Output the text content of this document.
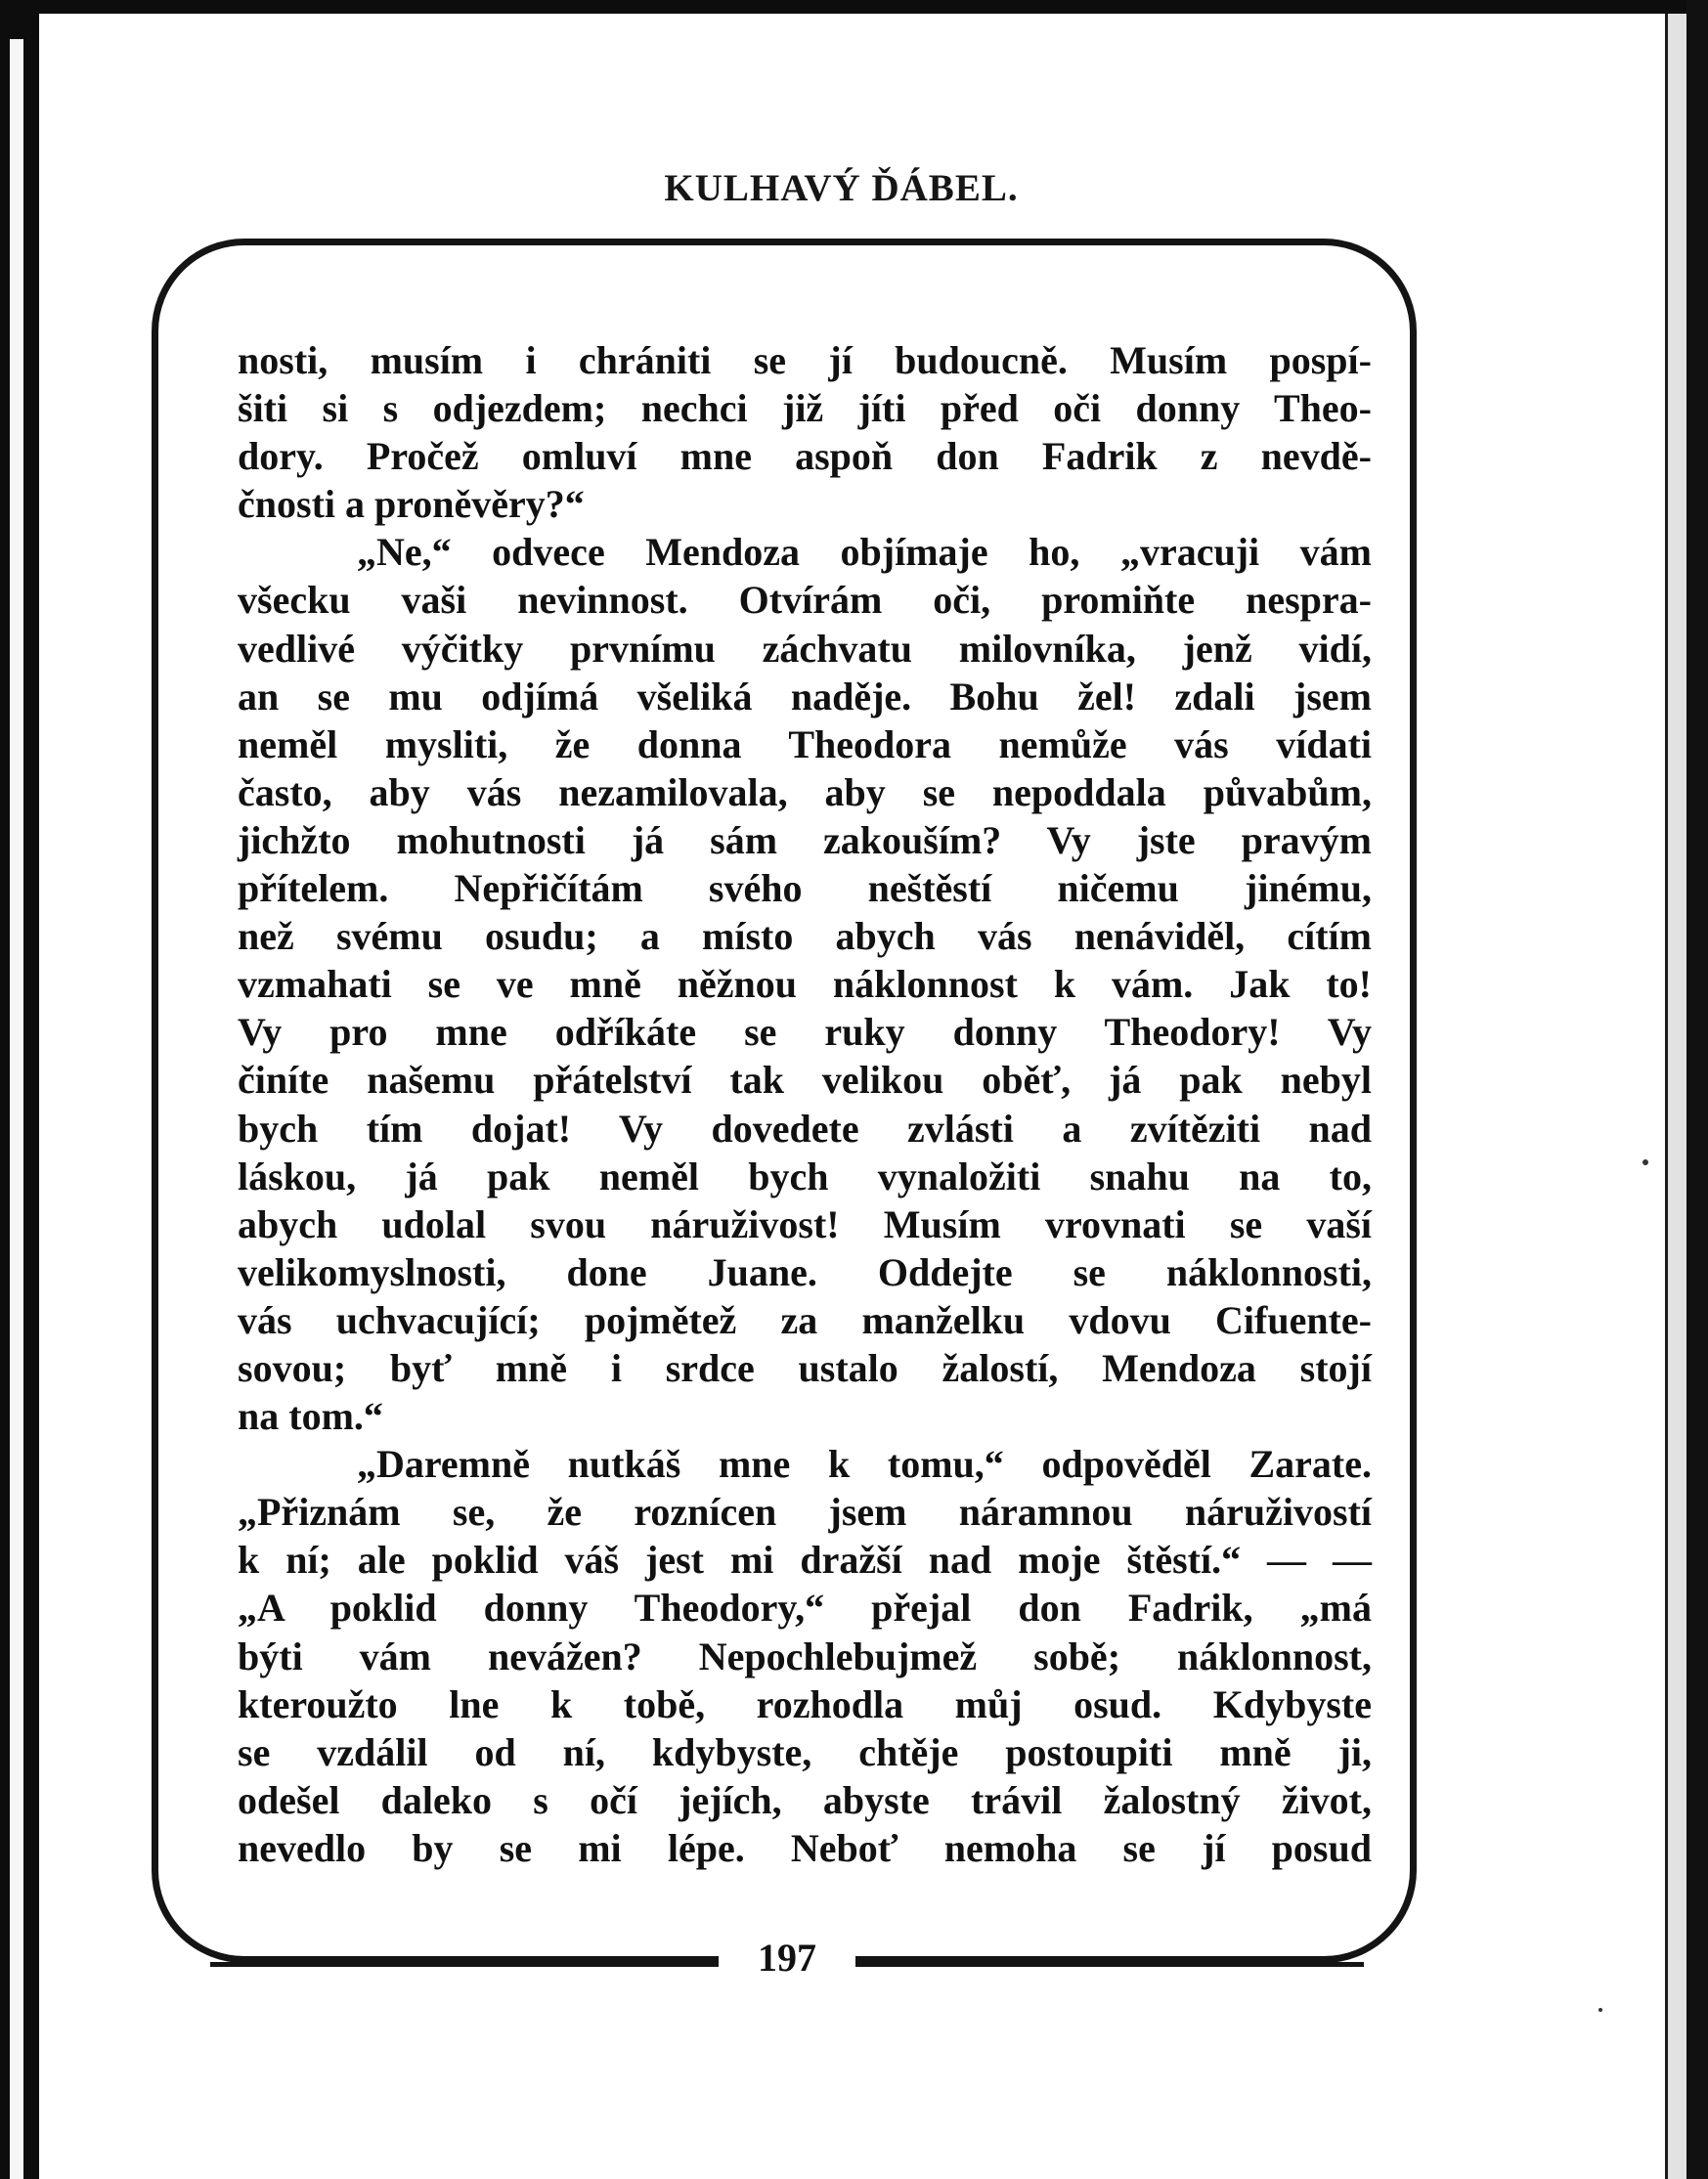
KULHAVÝ ĎÁBEL.
nosti, musím i chrániti se jí budoucně. Musím pospí-
šiti si s odjezdem; nechci již jíti před oči donny Theo-
dory. Pročež omluví mne aspoň don Fadrik z nevdě-
čnosti a proněvěry?“
„Ne,“ odvece Mendoza objímaje ho, „vracuji vám
všecku vaši nevinnost. Otvírám oči, promiňte nespra-
vedlivé výčitky prvnímu záchvatu milovníka, jenž vidí,
an se mu odjímá všeliká naděje. Bohu žel! zdali jsem
neměl mysliti, že donna Theodora nemůže vás vídati
často, aby vás nezamilovala, aby se nepoddala půvabům,
jichžto mohutnosti já sám zakouším? Vy jste pravým
přítelem. Nepřičítám svého neštěstí ničemu jinému,
než svému osudu; a místo abych vás nenáviděl, cítím
vzmahati se ve mně něžnou náklonnost k vám. Jak to!
Vy pro mne odříkáte se ruky donny Theodory! Vy
činíte našemu přátelství tak velikou oběť, já pak nebyl
bych tím dojat! Vy dovedete zvlásti a zvítěziti nad
láskou, já pak neměl bych vynaložiti snahu na to,
abych udolal svou náruživost! Musím vrovnati se vaší
velikomyslnosti, done Juane. Oddejte se náklonnosti,
vás uchvacující; pojmětež za manželku vdovu Cifuente-
sovou; byť mně i srdce ustalo žalostí, Mendoza stojí
na tom.“
„Daremně nutkáš mne k tomu,“ odpověděl Zarate.
„Přiznám se, že roznícen jsem náramnou náruživostí
k ní; ale poklid váš jest mi dražší nad moje štěstí.“ — —
„A poklid donny Theodory,“ přejal don Fadrik, „má
býti vám nevážen? Nepochlebujmež sobě; náklonnost,
kteroužto lne k tobě, rozhodla můj osud. Kdybyste
se vzdálil od ní, kdybyste, chtěje postoupiti mně ji,
odešel daleko s očí jejích, abyste trávil žalostný život,
nevedlo by se mi lépe. Neboť nemoha se jí posud
197
